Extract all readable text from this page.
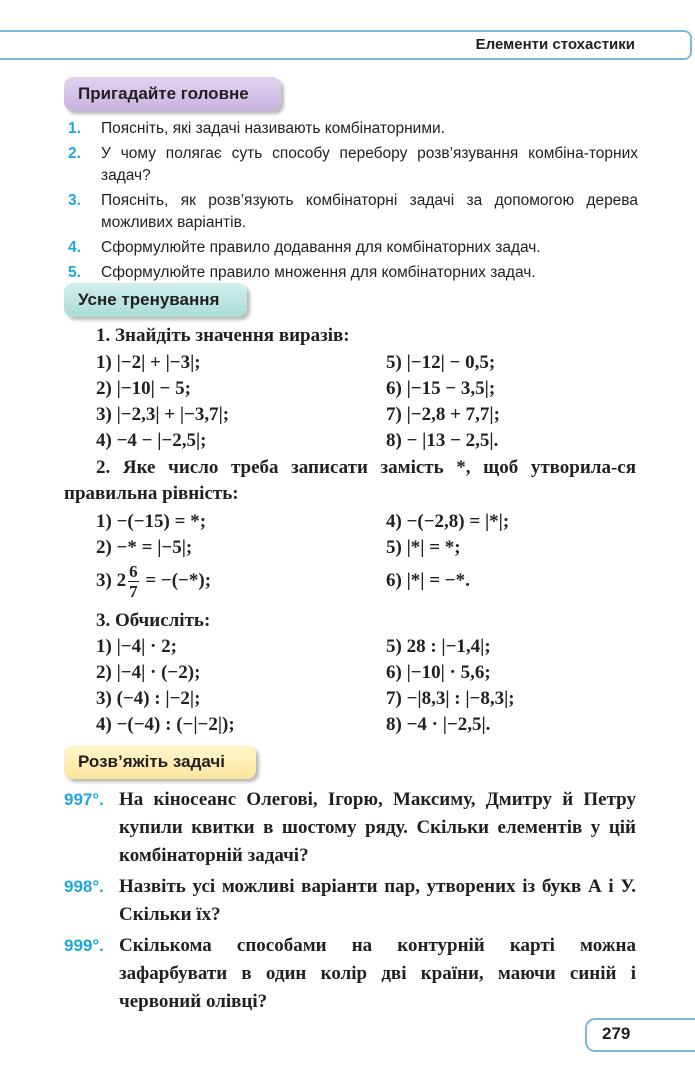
Елементи стохастики
Пригадайте головне
1. Поясніть, які задачі називають комбінаторними.
2. У чому полягає суть способу перебору розв’язування комбіна-торних задач?
3. Поясніть, як розв’язують комбінаторні задачі за допомогою дерева можливих варіантів.
4. Сформулюйте правило додавання для комбінаторних задач.
5. Сформулюйте правило множення для комбінаторних задач.
Усне тренування
1. Знайдіть значення виразів:
1) |−2| + |−3|;
2) |−10| − 5;
3) |−2,3| + |−3,7|;
4) −4 − |−2,5|;
5) |−12| − 0,5;
6) |−15 − 3,5|;
7) |−2,8 + 7,7|;
8) − |13 − 2,5|.
2. Яке число треба записати замість *, щоб утворила-ся правильна рівність:
1) −(−15) = *;
2) −* = |−5|;
3) $2 \frac{6}{7}$ = −(−*);
4) −(−2,8) = |*|;
5) |*| = *;
6) |*| = −*.
3. Обчисліть:
1) |−4| · 2;
2) |−4| · (−2);
3) (−4) : |−2|;
4) −(−4) : (−|−2|);
5) 28 : |−1,4|;
6) |−10| · 5,6;
7) −|8,3| : |−8,3|;
8) −4 · |−2,5|.
Розв’яжіть задачі
997°. На кіносеанс Олегові, Ігорю, Максиму, Дмитру й Петру купили квитки в шостому ряду. Скільки елементів у цій комбінаторній задачі?
998°. Назвіть усі можливі варіанти пар, утворених із букв А і У. Скільки їх?
999°. Скількома способами на контурній карті можна зафарбувати в один колір дві країни, маючи синій і червоний олівці?
279
